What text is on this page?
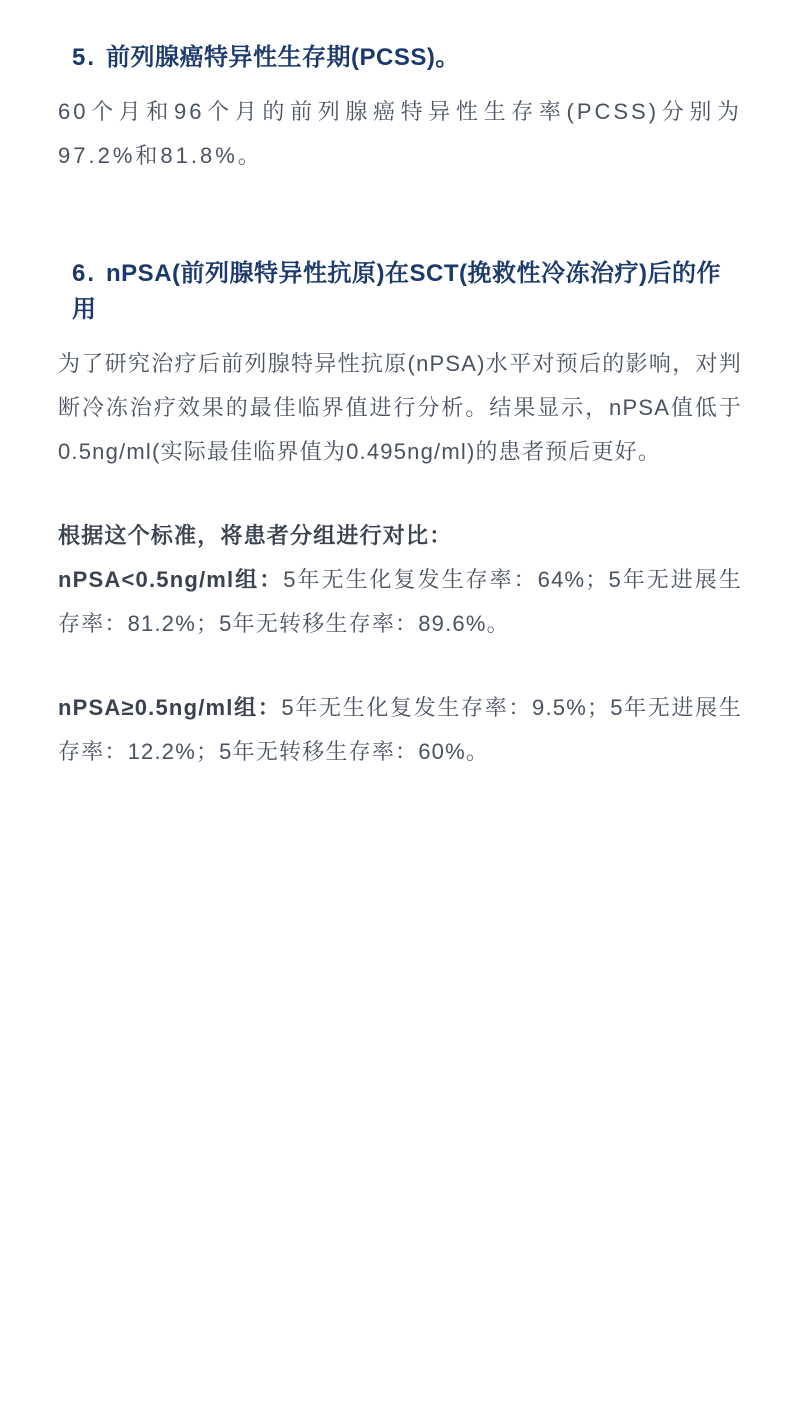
5. 前列腺癌特异性生存期(PCSS)。

60个月和96个月的前列腺癌特异性生存率(PCSS)分别为97.2%和81.8%。

6. nPSA(前列腺特异性抗原)在SCT(挽救性冷冻治疗)后的作用

为了研究治疗后前列腺特异性抗原(nPSA)水平对预后的影响，对判断冷冻治疗效果的最佳临界值进行分析。结果显示，nPSA值低于0.5ng/ml(实际最佳临界值为0.495ng/ml)的患者预后更好。

根据这个标准，将患者分组进行对比：

nPSA<0.5ng/ml组：5年无生化复发生存率：64%；5年无进展生存率：81.2%；5年无转移生存率：89.6%。

nPSA≥0.5ng/ml组：5年无生化复发生存率：9.5%；5年无进展生存率：12.2%；5年无转移生存率：60%。
